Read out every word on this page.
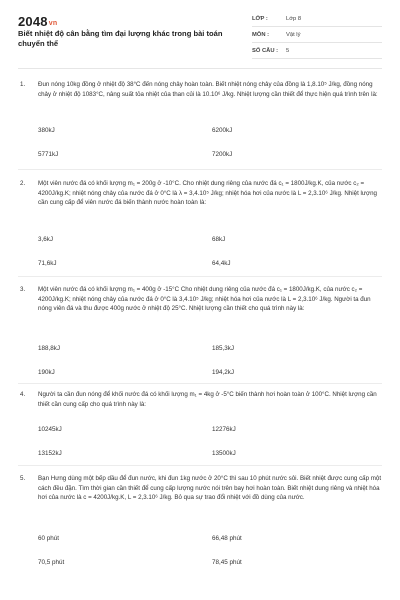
2048vn
Biết nhiệt độ cân bằng tìm đại lượng khác trong bài toán chuyển thể
LỚP :	Lớp 8
MÔN :	Vật lý
SỐ CÂU : 5
1. Đun nóng 10kg đồng ở nhiệt độ 38°C đến nóng chảy hoàn toàn. Biết nhiệt nóng chảy của đồng là 1,8.10⁵ J/kg, đồng nóng chảy ở nhiệt độ 1083°C, nâng suất tỏa nhiệt của than củi là 10.10⁶ J/kg. Nhiệt lượng cần thiết để thực hiện quá trình trên là:
380kJ	6200kJ
5771kJ	7200kJ
2. Một viên nước đá có khối lượng m₁ = 200g ở -10°C. Cho nhiệt dung riêng của nước đá c₁ = 1800J/kg.K, của nước c₂ = 4200J/kg.K; nhiệt nóng chảy của nước đá ở 0°C là λ = 3,4.10⁵ J/kg; nhiệt hóa hơi của nước là L = 2,3.10⁶ J/kg. Nhiệt lượng cần cung cấp để viên nước đá biến thành nước hoàn toàn là:
3,6kJ	68kJ
71,6kJ	64,4kJ
3. Một viên nước đá có khối lượng m₁ = 400g ở -15°C Cho nhiệt dung riêng của nước đá c₁ = 1800J/kg.K, của nước c₂ = 4200J/kg.K; nhiệt nóng chảy của nước đá ở 0°C là 3,4.10⁵ J/kg; nhiệt hóa hơi của nước là L = 2,3.10⁶ J/kg. Người ta đun nóng viên đá và thu được 400g nước ở nhiệt độ 25°C. Nhiệt lượng cần thiết cho quá trình này là:
188,8kJ	185,3kJ
190kJ	194,2kJ
4. Người ta cần đun nóng để khối nước đá có khối lượng m₁ = 4kg ở -5°C biến thành hơi hoàn toàn ở 100°C. Nhiệt lượng cần thiết cần cung cấp cho quá trình này là:
10245kJ	12276kJ
13152kJ	13500kJ
5. Bạn Hưng dùng một bếp dầu để đun nước, khi đun 1kg nước ở 20°C thì sau 10 phút nước sôi. Biết nhiệt được cung cấp một cách đều đặn. Tìm thời gian cần thiết để cung cấp lượng nước nói trên bay hơi hoàn toàn. Biết nhiệt dung riêng và nhiệt hóa hơi của nước là c = 4200J/kg.K, L = 2,3.10⁶ J/kg. Bỏ qua sự trao đổi nhiệt với đồ dùng của nước.
60 phút	66,48 phút
70,5 phút	78,45 phút
